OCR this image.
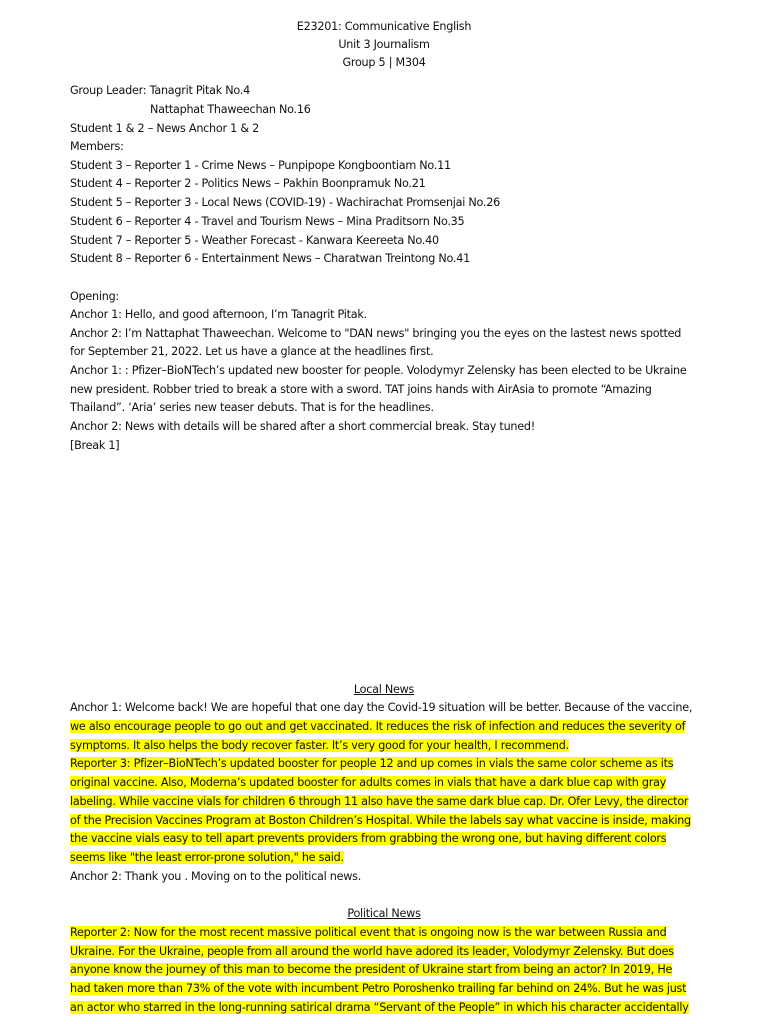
E23201: Communicative English
Unit 3 Journalism
Group 5 | M304
Group Leader: Tanagrit Pitak No.4
Nattaphat Thaweechan No.16
Student 1 & 2 – News Anchor 1 & 2
Members:
Student 3 – Reporter 1 - Crime News – Punpipope Kongboontiam No.11
Student 4 – Reporter 2 - Politics News – Pakhin Boonpramuk No.21
Student 5 – Reporter 3 - Local News (COVID-19) - Wachirachat Promsenjai No.26
Student 6 – Reporter 4 - Travel and Tourism News – Mina Praditsorn No.35
Student 7 – Reporter 5 - Weather Forecast - Kanwara Keereeta No.40
Student 8 – Reporter 6 - Entertainment News – Charatwan Treintong No.41
Opening:
Anchor 1: Hello, and good afternoon, I’m Tanagrit Pitak.
Anchor 2: I’m Nattaphat Thaweechan. Welcome to "DAN news" bringing you the eyes on the lastest news spotted
for September 21, 2022. Let us have a glance at the headlines first.
Anchor 1: : Pfizer–BioNTech’s updated new booster for people. Volodymyr Zelensky has been elected to be Ukraine
new president. Robber tried to break a store with a sword. TAT joins hands with AirAsia to promote “Amazing
Thailand”. ‘Aria’ series new teaser debuts. That is for the headlines.
Anchor 2: News with details will be shared after a short commercial break. Stay tuned!
[Break 1]
Local News
Anchor 1: Welcome back! We are hopeful that one day the Covid-19 situation will be better. Because of the vaccine,
we also encourage people to go out and get vaccinated. It reduces the risk of infection and reduces the severity of
symptoms. It also helps the body recover faster. It’s very good for your health, I recommend.
Reporter 3: Pfizer–BioNTech’s updated booster for people 12 and up comes in vials the same color scheme as its
original vaccine. Also, Moderna’s updated booster for adults comes in vials that have a dark blue cap with gray
labeling. While vaccine vials for children 6 through 11 also have the same dark blue cap. Dr. Ofer Levy, the director
of the Precision Vaccines Program at Boston Children’s Hospital. While the labels say what vaccine is inside, making
the vaccine vials easy to tell apart prevents providers from grabbing the wrong one, but having different colors
seems like "the least error-prone solution," he said.
Anchor 2: Thank you . Moving on to the political news.
Political News
Reporter 2: Now for the most recent massive political event that is ongoing now is the war between Russia and
Ukraine. For the Ukraine, people from all around the world have adored its leader, Volodymyr Zelensky. But does
anyone know the journey of this man to become the president of Ukraine start from being an actor? In 2019, He
had taken more than 73% of the vote with incumbent Petro Poroshenko trailing far behind on 24%. But he was just
an actor who starred in the long-running satirical drama “Servant of the People” in which his character accidentally
